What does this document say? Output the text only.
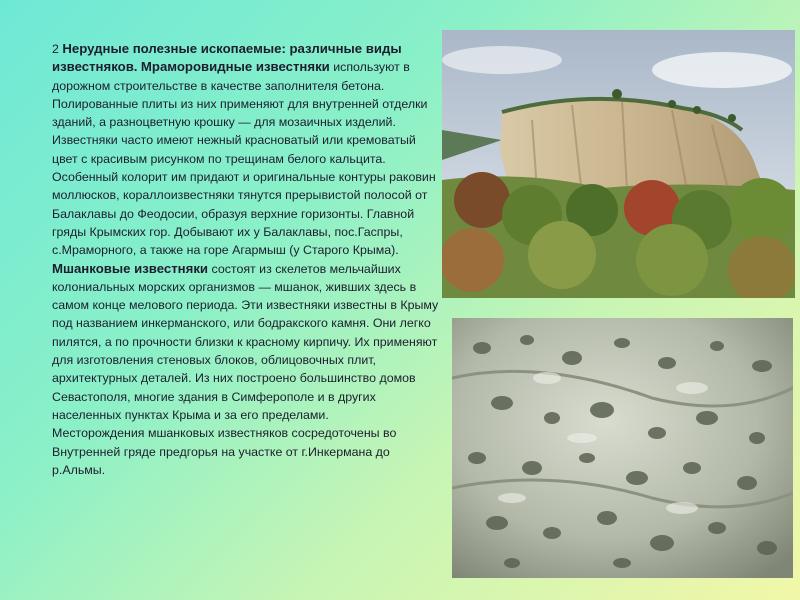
2 Нерудные полезные ископаемые: различные виды известняков. Мраморовидные известняки используют в дорожном строительстве в качестве заполнителя бетона. Полированные плиты из них применяют для внутренней отделки зданий, а разноцветную крошку — для мозаичных изделий. Известняки часто имеют нежный красноватый или кремоватый цвет с красивым рисунком по трещинам белого кальцита. Особенный колорит им придают и оригинальные контуры раковин моллюсков, кораллоизвестняки тянутся прерывистой полосой от Балаклавы до Феодосии, образуя верхние горизонты. Главной гряды Крымских гор. Добывают их у Балаклавы, пос.Гаспры, с.Мраморного, а также на горе Агармыш (у Старого Крыма). Мшанковые известняки состоят из скелетов мельчайших колониальных морских организмов — мшанок, живших здесь в самом конце мелового периода. Эти известняки известны в Крыму под названием инкерманского, или бодракского камня. Они легко пилятся, а по прочности близки к красному кирпичу. Их применяют для изготовления стеновых блоков, облицовочных плит, архитектурных деталей. Из них построено большинство домов Севастополя, многие здания в Симферополе и в других населенных пунктах Крыма и за его пределами.
Месторождения мшанковых известняков сосредоточены во Внутренней гряде предгорья на участке от г.Инкермана до р.Альмы.
